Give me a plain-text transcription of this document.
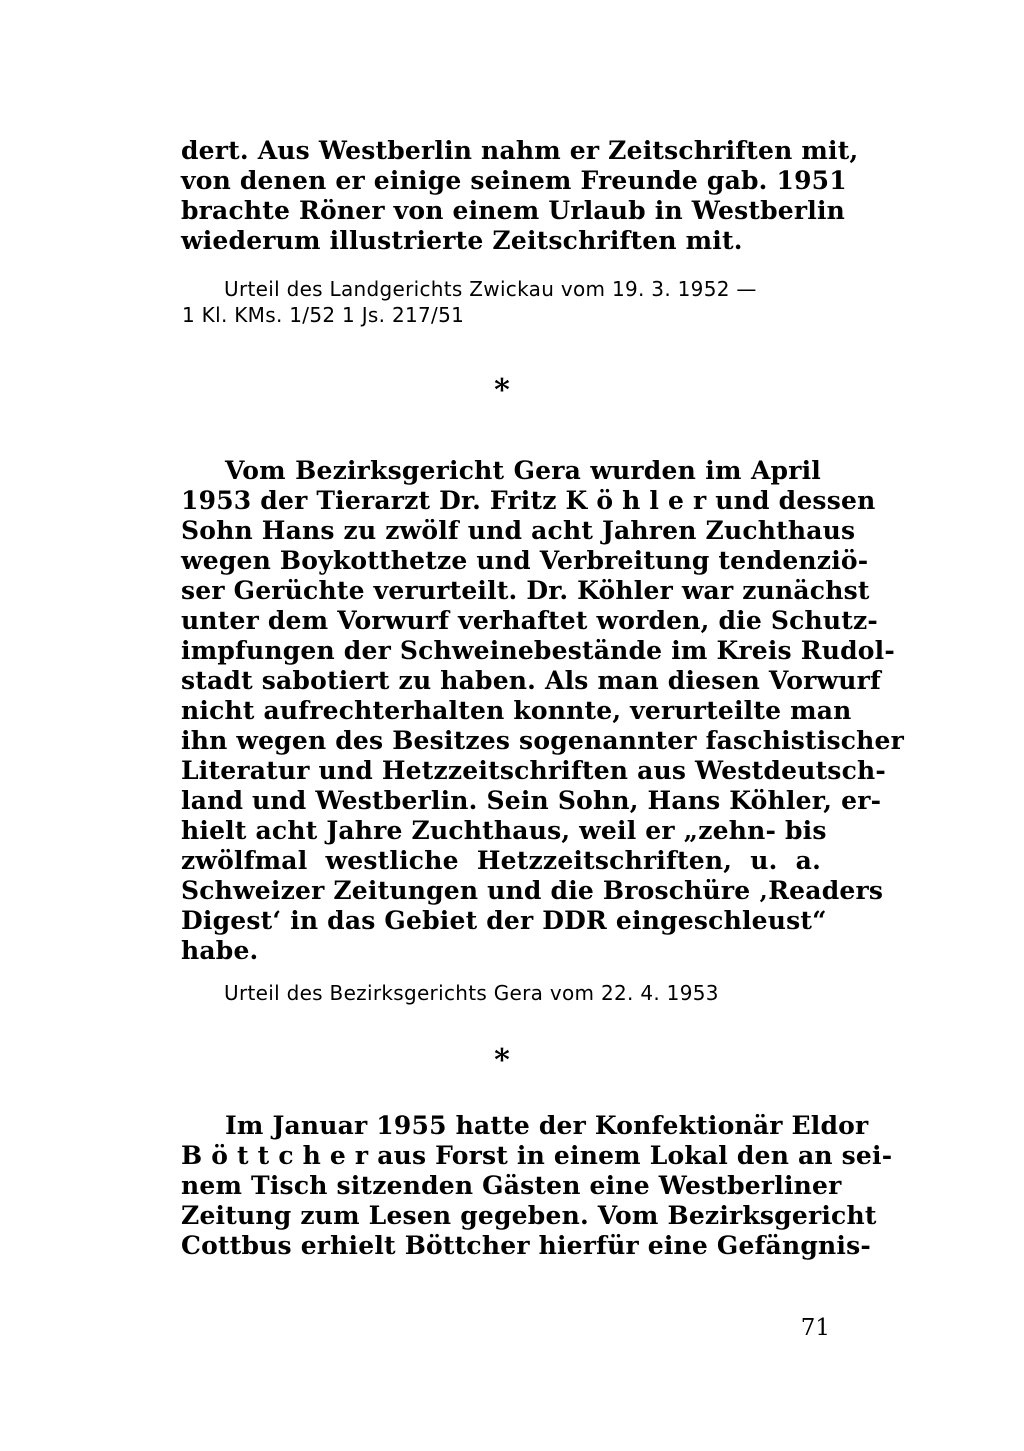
dert. Aus Westberlin nahm er Zeitschriften mit,
von denen er einige seinem Freunde gab. 1951
brachte Röner von einem Urlaub in Westberlin
wiederum illustrierte Zeitschriften mit.
Urteil des Landgerichts Zwickau vom 19. 3. 1952 —
1 Kl. KMs. 1/52 1 Js. 217/51
*
Vom Bezirksgericht Gera wurden im April
1953 der Tierarzt Dr. Fritz K ö h l e r und dessen
Sohn Hans zu zwölf und acht Jahren Zuchthaus
wegen Boykotthetze und Verbreitung tendenziö-
ser Gerüchte verurteilt. Dr. Köhler war zunächst
unter dem Vorwurf verhaftet worden, die Schutz-
impfungen der Schweinebestände im Kreis Rudol-
stadt sabotiert zu haben. Als man diesen Vorwurf
nicht aufrechterhalten konnte, verurteilte man
ihn wegen des Besitzes sogenannter faschistischer
Literatur und Hetzzeitschriften aus Westdeutsch-
land und Westberlin. Sein Sohn, Hans Köhler, er-
hielt acht Jahre Zuchthaus, weil er „zehn- bis
zwölfmal westliche Hetzzeitschriften, u. a.
Schweizer Zeitungen und die Broschüre ‚Readers
Digest‘ in das Gebiet der DDR eingeschleust“
habe.
Urteil des Bezirksgerichts Gera vom 22. 4. 1953
*
Im Januar 1955 hatte der Konfektionär Eldor
B ö t t c h e r aus Forst in einem Lokal den an sei-
nem Tisch sitzenden Gästen eine Westberliner
Zeitung zum Lesen gegeben. Vom Bezirksgericht
Cottbus erhielt Böttcher hierfür eine Gefängnis-
71
